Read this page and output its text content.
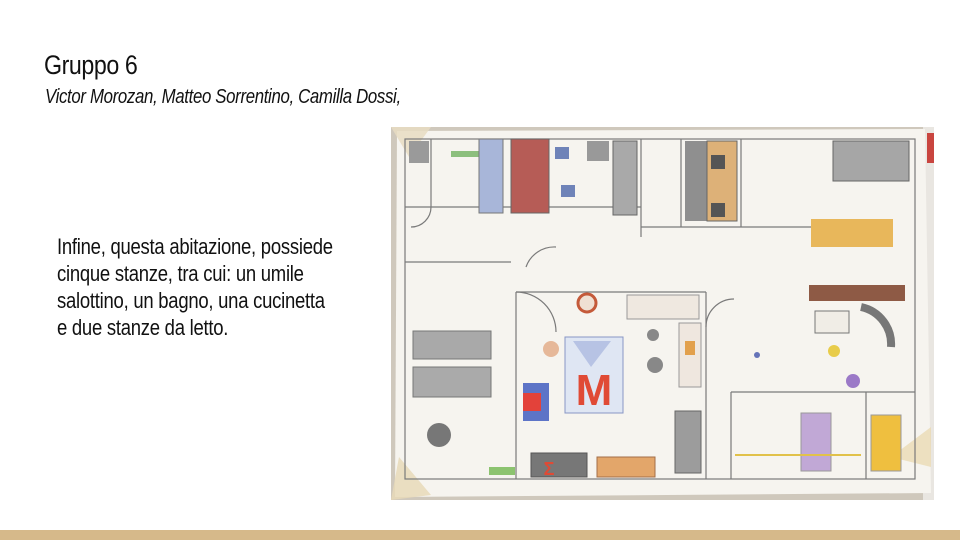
Gruppo 6
Victor Morozan, Matteo Sorrentino, Camilla Dossi,
Infine, questa abitazione, possiede cinque stanze, tra cui: un umile salottino, un bagno, una cucinetta e due stanze da letto.
M
Σ
